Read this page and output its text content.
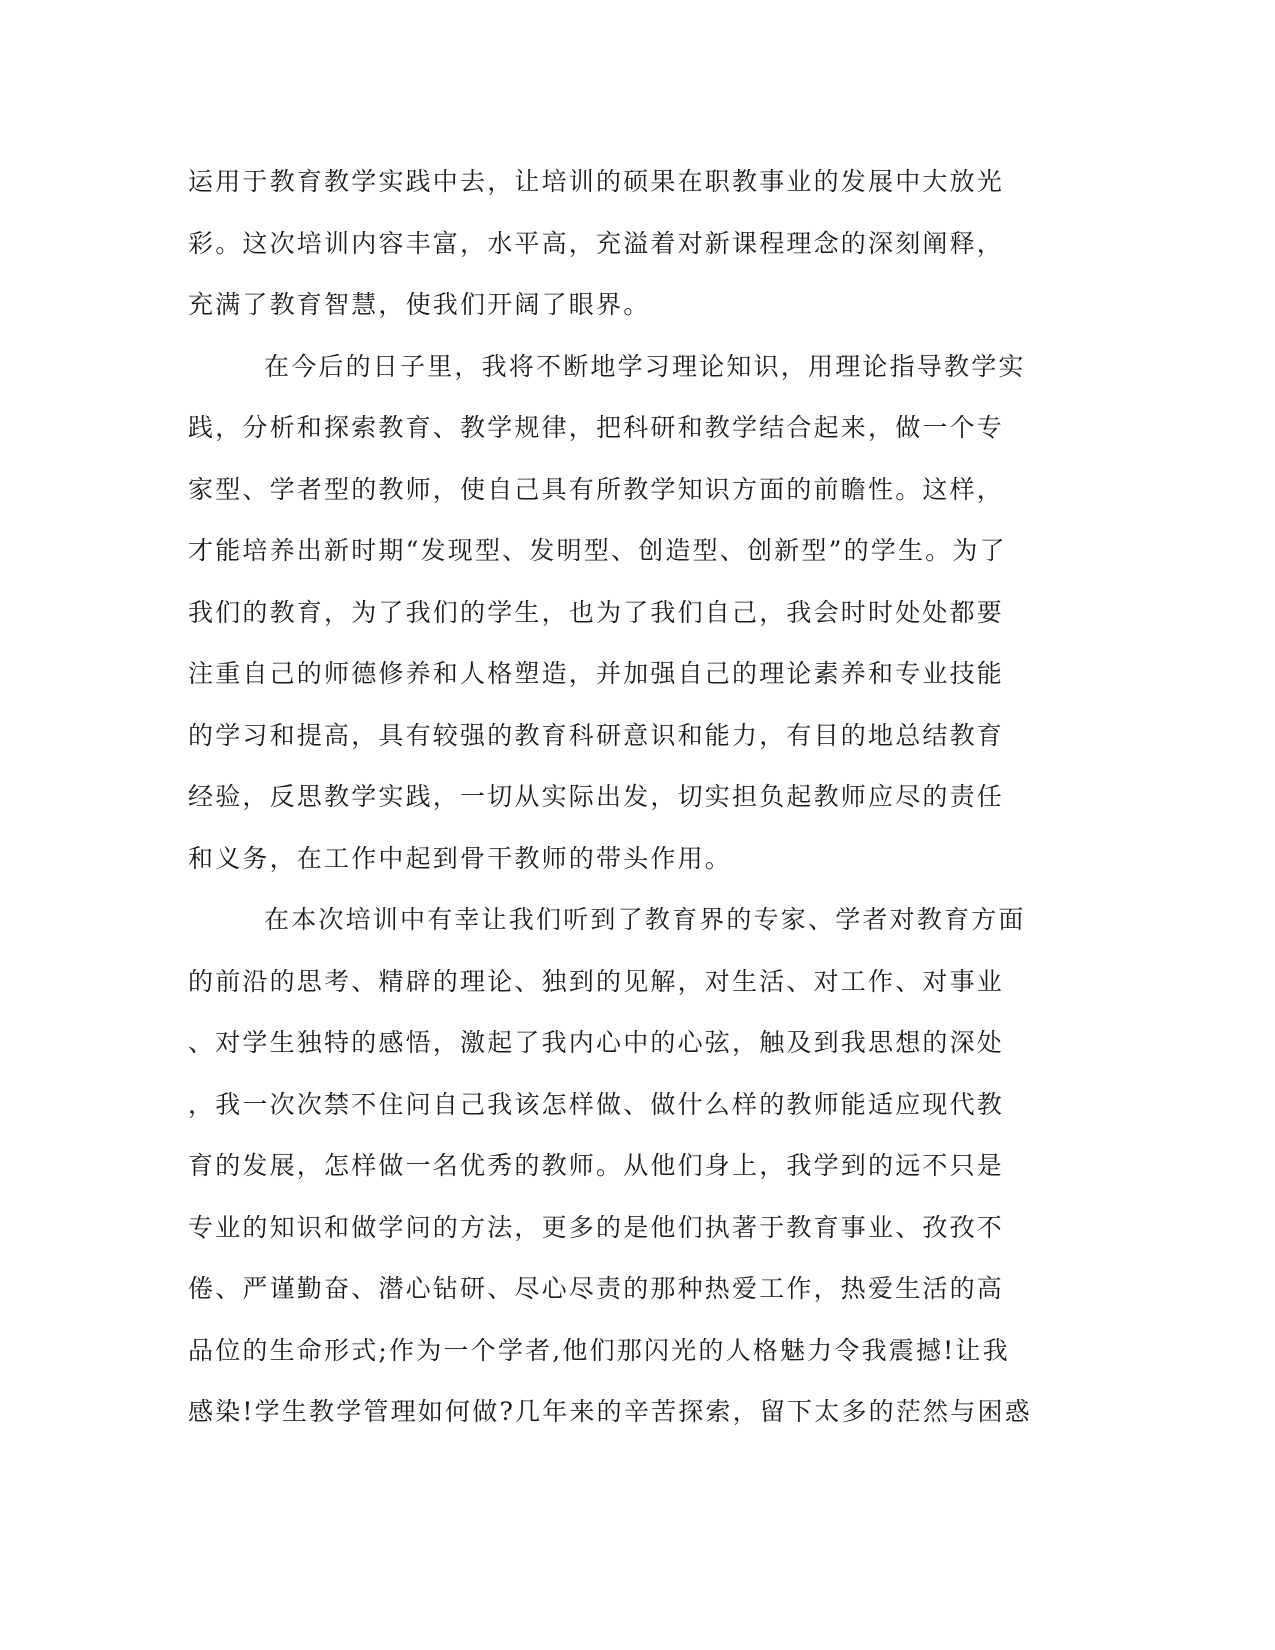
运用于教育教学实践中去，让培训的硕果在职教事业的发展中大放光
彩。这次培训内容丰富，水平高，充溢着对新课程理念的深刻阐释，
充满了教育智慧，使我们开阔了眼界。
在今后的日子里，我将不断地学习理论知识，用理论指导教学实
践，分析和探索教育、教学规律，把科研和教学结合起来，做一个专
家型、学者型的教师，使自己具有所教学知识方面的前瞻性。这样，
才能培养出新时期“发现型、发明型、创造型、创新型”的学生。为了
我们的教育，为了我们的学生，也为了我们自己，我会时时处处都要
注重自己的师德修养和人格塑造，并加强自己的理论素养和专业技能
的学习和提高，具有较强的教育科研意识和能力，有目的地总结教育
经验，反思教学实践，一切从实际出发，切实担负起教师应尽的责任
和义务，在工作中起到骨干教师的带头作用。
在本次培训中有幸让我们听到了教育界的专家、学者对教育方面
的前沿的思考、精辟的理论、独到的见解，对生活、对工作、对事业
、对学生独特的感悟，激起了我内心中的心弦，触及到我思想的深处
，我一次次禁不住问自己我该怎样做、做什么样的教师能适应现代教
育的发展，怎样做一名优秀的教师。从他们身上，我学到的远不只是
专业的知识和做学问的方法，更多的是他们执著于教育事业、孜孜不
倦、严谨勤奋、潜心钻研、尽心尽责的那种热爱工作，热爱生活的高
品位的生命形式;作为一个学者,他们那闪光的人格魅力令我震撼!让我
感染!学生教学管理如何做?几年来的辛苦探索，留下太多的茫然与困惑
